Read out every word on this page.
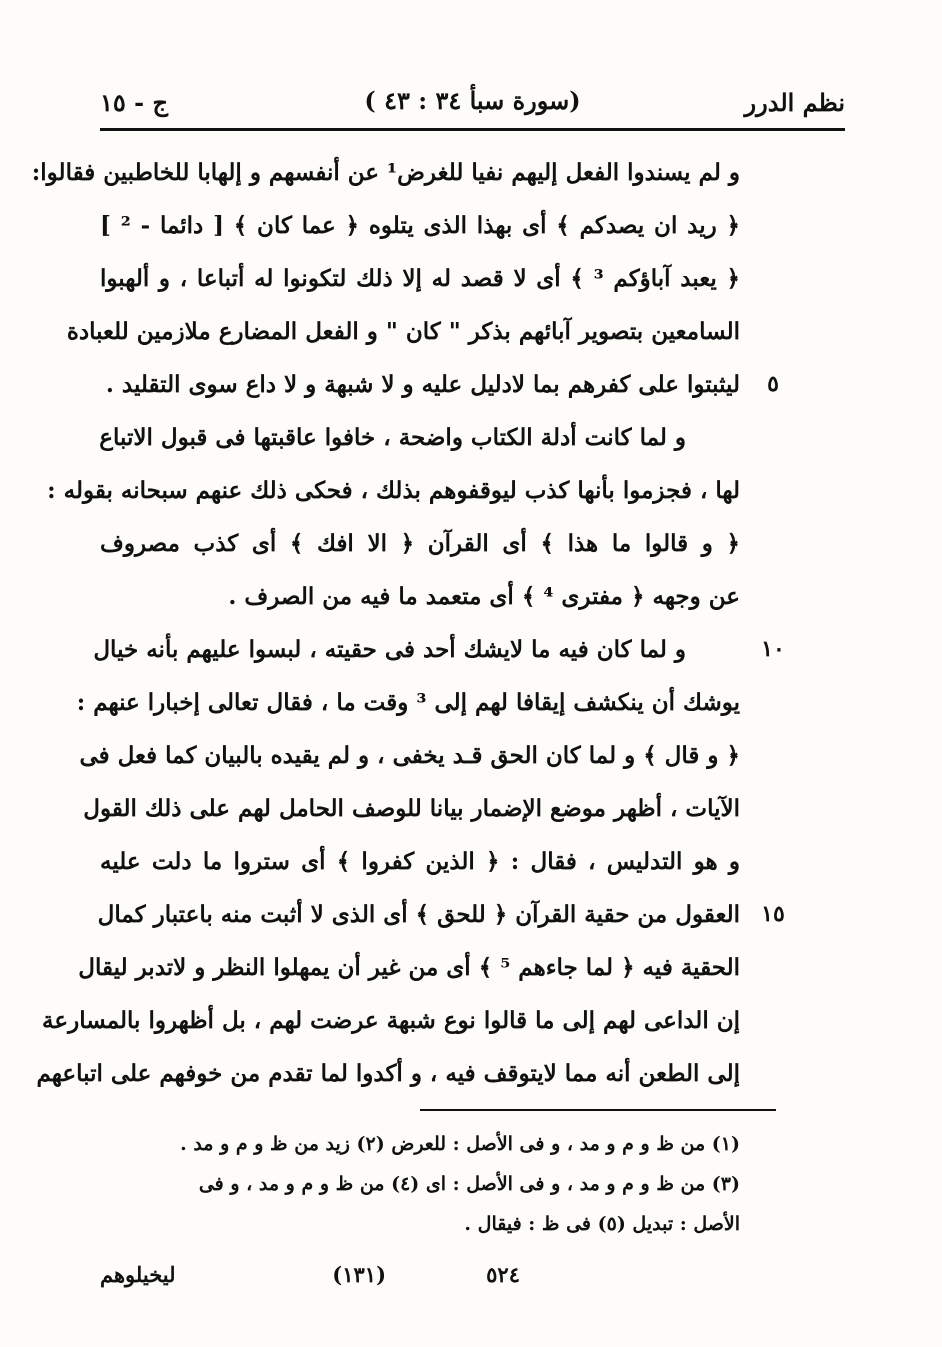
نظم الدرر
(سورة سبأ ٣٤ : ٤٣ )
ج - ١٥
و لم يسندوا الفعل إليهم نفيا للغرض¹ عن أنفسهم و إلهابا للخاطبين فقالوا:
﴿ ريد ان يصدكم ﴾ أى بهذا الذى يتلوه ﴿ عما كان ﴾ [ دائما - ² ]
﴿ يعبد آباؤكم ³ ﴾ أى لا قصد له إلا ذلك لتكونوا له أتباعا ، و ألهبوا
السامعين بتصوير آبائهم بذكر " كان " و الفعل المضارع ملازمين للعبادة
ليثبتوا على كفرهم بما لادليل عليه و لا شبهة و لا داع سوى التقليد .
و لما كانت أدلة الكتاب واضحة ، خافوا عاقبتها فى قبول الاتباع
لها ، فجزموا بأنها كذب ليوقفوهم بذلك ، فحكى ذلك عنهم سبحانه بقوله :
﴿ و قالوا ما هذا ﴾ أى القرآن ﴿ الا افك ﴾ أى كذب مصروف
عن وجهه ﴿ مفترى ⁴ ﴾ أى متعمد ما فيه من الصرف .
و لما كان فيه ما لايشك أحد فى حقيته ، لبسوا عليهم بأنه خيال
يوشك أن ينكشف إيقافا لهم إلى ³ وقت ما ، فقال تعالى إخبارا عنهم :
﴿ و قال ﴾ و لما كان الحق قـد يخفى ، و لم يقيده بالبيان كما فعل فى
الآيات ، أظهر موضع الإضمار بيانا للوصف الحامل لهم على ذلك القول
و هو التدليس ، فقال : ﴿ الذين كفروا ﴾ أى ستروا ما دلت عليه
العقول من حقية القرآن ﴿ للحق ﴾ أى الذى لا أثبت منه باعتبار كمال
الحقية فيه ﴿ لما جاءهم ⁵ ﴾ أى من غير أن يمهلوا النظر و لاتدبر ليقال
إن الداعى لهم إلى ما قالوا نوع شبهة عرضت لهم ، بل أظهروا بالمسارعة
إلى الطعن أنه مما لايتوقف فيه ، و أكدوا لما تقدم من خوفهم على اتباعهم
٥
١٠
١٥
(١) من ظ و م و مد ، و فى الأصل : للعرض (٢) زيد من ظ و م و مد .
(٣) من ظ و م و مد ، و فى الأصل : اى (٤) من ظ و م و مد ، و فى
الأصل : تبديل (٥) فى ظ : فيقال .
٥٢٤
(١٣١)
ليخيلوهم
